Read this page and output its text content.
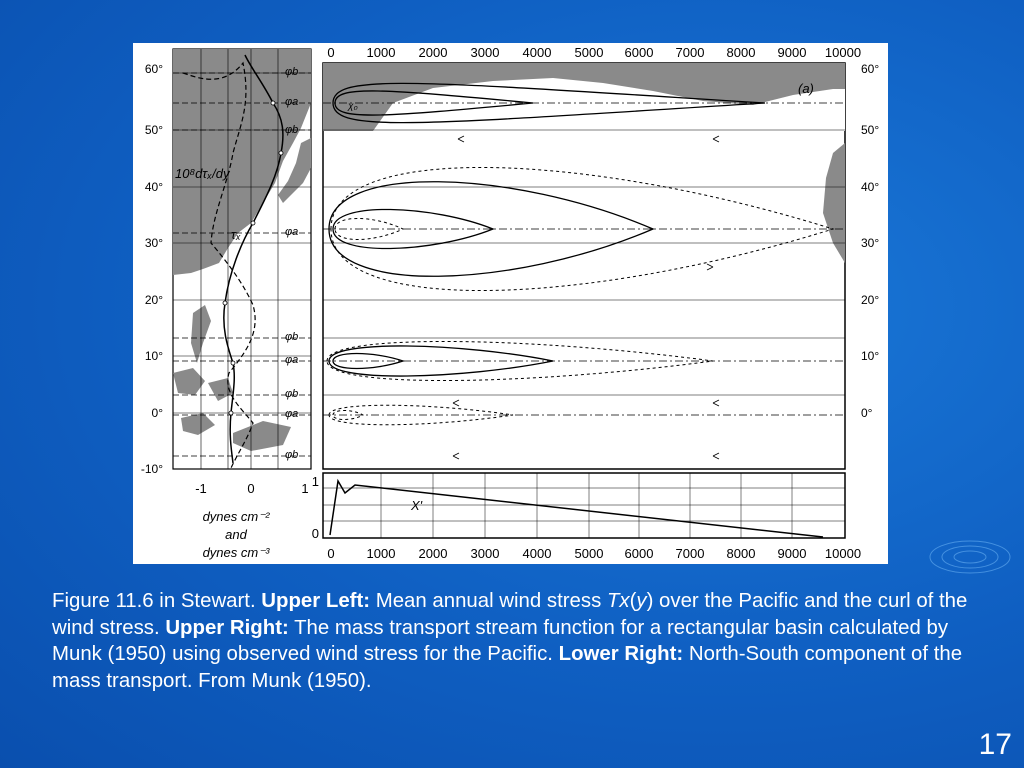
10⁸dτₓ/dy
τₓ
φb
φa
φb
φa
φb
φa
φb
φa
φb
60°
50°
40°
30°
20°
10°
0°
-10°
-1	0	1
dynes cm⁻²
and
dynes cm⁻³
(a)
χ₀
0 1000 2000 3000 4000 5000 6000 7000 8000 9000 10000
60°
50°
40°
30°
20°
10°
0°
X'
1
0
0 1000 2000 3000 4000 5000 6000 7000 8000 9000 10000
Figure 11.6 in Stewart. Upper Left: Mean annual wind stress Tx(y) over the Pacific and the curl of the wind stress. Upper Right: The mass transport stream function for a rectangular basin calculated by Munk (1950) using observed wind stress for the Pacific. Lower Right: North-South component of the mass transport. From Munk (1950).
17
